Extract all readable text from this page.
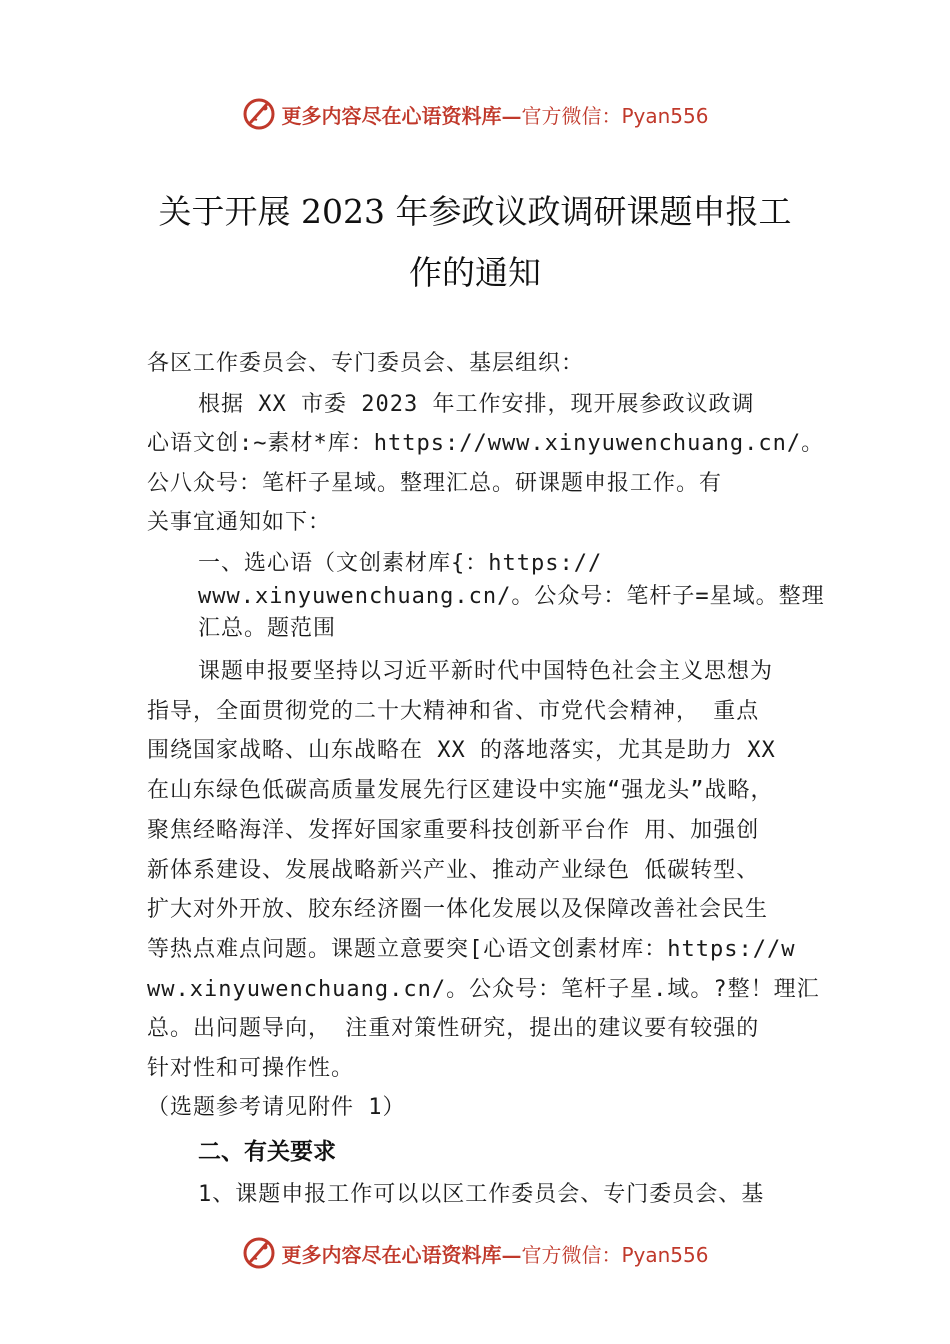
更多内容尽在心语资料库— 官方微信：Pyan556
关于开展 2023 年参政议政调研课题申报工
作的通知
各区工作委员会、专门委员会、基层组织：
根据 XX 市委 2023 年工作安排，现开展参政议政调
心语文创:~素材*库：https://www.xinyuwenchuang.cn/。
公八众号：笔杆子星域。整理汇总。研课题申报工作。有
关事宜通知如下：
一、选心语（文创素材库{：https://
www.xinyuwenchuang.cn/。公众号：笔杆子=星域。整理
汇总。题范围
课题申报要坚持以习近平新时代中国特色社会主义思想为
指导，全面贯彻党的二十大精神和省、市党代会精神， 重点
围绕国家战略、山东战略在 XX 的落地落实，尤其是助力 XX
在山东绿色低碳高质量发展先行区建设中实施“强龙头”战略，
聚焦经略海洋、发挥好国家重要科技创新平台作 用、加强创
新体系建设、发展战略新兴产业、推动产业绿色 低碳转型、
扩大对外开放、胶东经济圈一体化发展以及保障改善社会民生
等热点难点问题。课题立意要突[心语文创素材库：https://w
ww.xinyuwenchuang.cn/。公众号：笔杆子星.域。?整！理汇
总。出问题导向， 注重对策性研究，提出的建议要有较强的
针对性和可操作性。
（选题参考请见附件 1）
二、有关要求
1、课题申报工作可以以区工作委员会、专门委员会、基
更多内容尽在心语资料库— 官方微信：Pyan556
